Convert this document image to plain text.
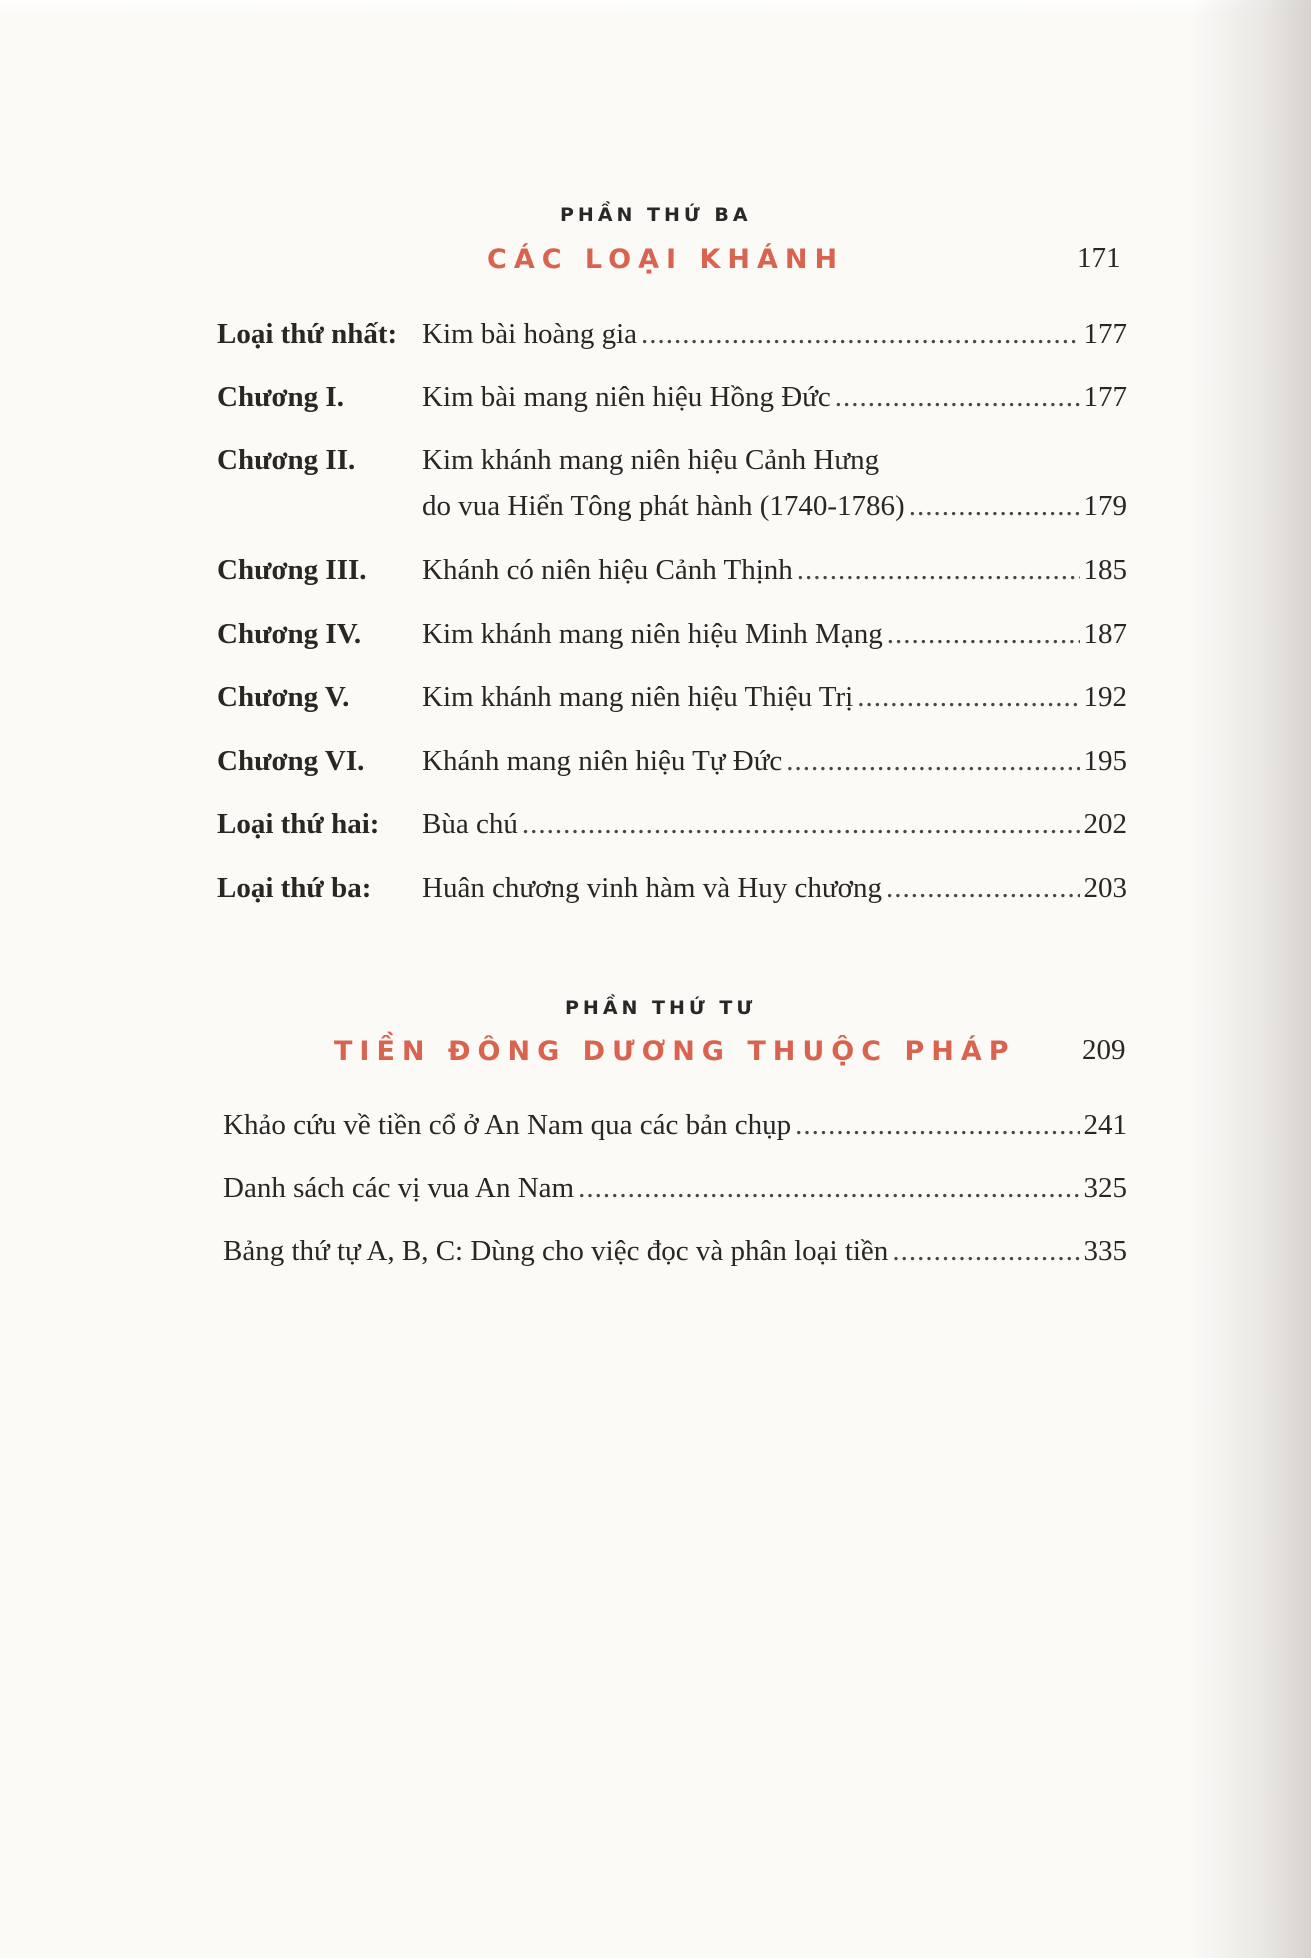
PHẦN THỨ BA
CÁC LOẠI KHÁNH	171
Loại thứ nhất: Kim bài hoàng gia .....	177
Chương I.	Kim bài mang niên hiệu Hồng Đức .....	177
Chương II. Kim khánh mang niên hiệu Cảnh Hưng
do vua Hiển Tông phát hành (1740-1786) .....	179
Chương III. Khánh có niên hiệu Cảnh Thịnh .....	185
Chương IV. Kim khánh mang niên hiệu Minh Mạng .....	187
Chương V.	Kim khánh mang niên hiệu Thiệu Trị .....	192
Chương VI. Khánh mang niên hiệu Tự Đức .....	195
Loại thứ hai: Bùa chú .....	202
Loại thứ ba: Huân chương vinh hàm và Huy chương .....	203
PHẦN THỨ TƯ
TIỀN ĐÔNG DƯƠNG THUỘC PHÁP 209
Khảo cứu về tiền cổ ở An Nam qua các bản chụp .....	241
Danh sách các vị vua An Nam .....	325
Bảng thứ tự A, B, C: Dùng cho việc đọc và phân loại tiền .....	335
